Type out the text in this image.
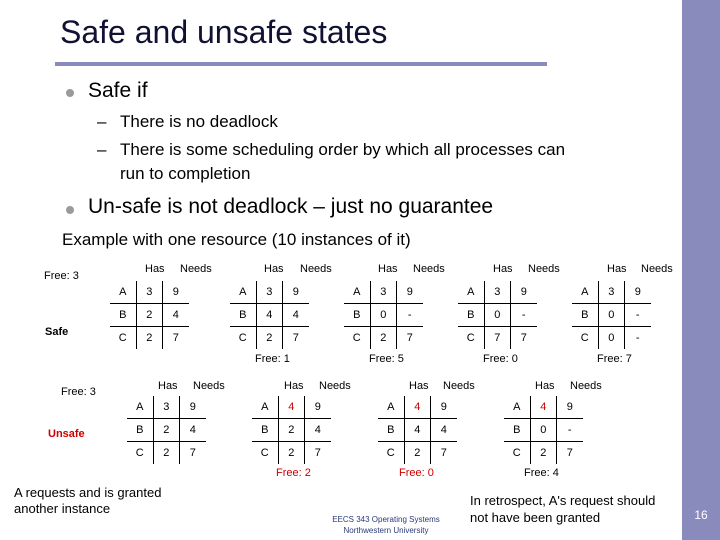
Safe and unsafe states
Safe if
– There is no deadlock
– There is some scheduling order by which all processes can
run to completion
Un-safe is not deadlock – just no guarantee
Example with one resource (10 instances of it)
Free: 3
Safe
Has Needs
A	3	9
B	2	4
C	2	7
Has Needs
A	3	9
B	4	4
C	2	7
Free: 1
Has Needs
A	3	9
B	0	-
C	2	7
Free: 5
Has Needs
A	3	9
B	0	-
C	7	7
Free: 0
Has Needs
A	3	9
B	0	-
C	0	-
Free: 7
Free: 3
Unsafe
Has Needs
A	3	9
B	2	4
C	2	7
Has Needs
A	4	9
B	2	4
C	2	7
Free: 2
Has Needs
A	4	9
B	4	4
C	2	7
Free: 0
Has Needs
A	4	9
B	0	-
C	2	7
Free: 4
A requests and is granted
another instance
In retrospect, A's request should
not have been granted
EECS 343 Operating Systems
Northwestern University
16
